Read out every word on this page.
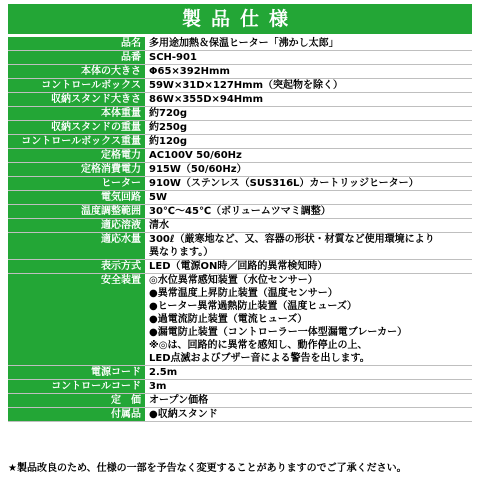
製品仕様
品名 多用途加熱＆保温ヒーター「沸かし太郎」
品番 SCH-901
本体の大きさ Φ65×392Hmm
コントロールボックス 59W×31D×127Hmm（突起物を除く）
収納スタンド大きさ 86W×355D×94Hmm
本体重量 約720g
収納スタンドの重量 約250g
コントロールボックス重量 約120g
定格電力 AC100V 50/60Hz
定格消費電力 915W（50/60Hz）
ヒーター 910W（ステンレス（SUS316L）カートリッジヒーター）
電気回路 5W
温度調整範囲 30℃～45℃（ボリュームツマミ調整）
適応溶液 清水
適応水量 300ℓ（厳寒地など、又、容器の形状・材質など使用環境により
異なります。）
表示方式 LED（電源ON時／回路的異常検知時）
安全装置 ◎水位異常感知装置（水位センサー）
●異常温度上昇防止装置（温度センサー）
●ヒーター異常過熱防止装置（温度ヒューズ）
●過電流防止装置（電流ヒューズ）
●漏電防止装置（コントローラー一体型漏電ブレーカー）
※◎は、回路的に異常を感知し、動作停止の上、
LED点滅およびブザー音による警告を出します。
電源コード 2.5m
コントロールコード 3m
定　価 オープン価格
付属品 ●収納スタンド
★製品改良のため、仕様の一部を予告なく変更することがありますのでご了承ください。
